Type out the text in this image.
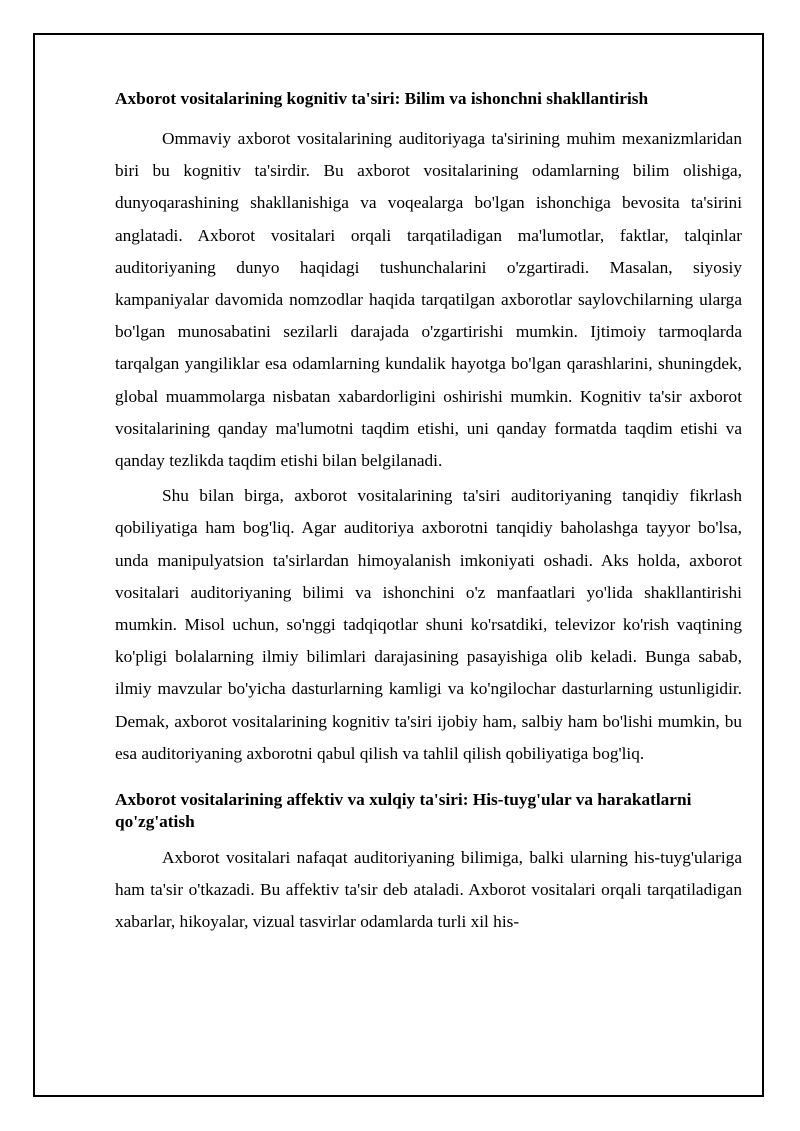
Axborot vositalarining kognitiv ta'siri: Bilim va ishonchni shakllantirish

Ommaviy axborot vositalarining auditoriyaga ta'sirining muhim mexanizmlaridan biri bu kognitiv ta'sirdir. Bu axborot vositalarining odamlarning bilim olishiga, dunyoqarashining shakllanishiga va voqealarga bo'lgan ishonchiga bevosita ta'sirini anglatadi. Axborot vositalari orqali tarqatiladigan ma'lumotlar, faktlar, talqinlar auditoriyaning dunyo haqidagi tushunchalarini o'zgartiradi. Masalan, siyosiy kampaniyalar davomida nomzodlar haqida tarqatilgan axborotlar saylovchilarning ularga bo'lgan munosabatini sezilarli darajada o'zgartirishi mumkin. Ijtimoiy tarmoqlarda tarqalgan yangiliklar esa odamlarning kundalik hayotga bo'lgan qarashlarini, shuningdek, global muammolarga nisbatan xabardorligini oshirishi mumkin. Kognitiv ta'sir axborot vositalarining qanday ma'lumotni taqdim etishi, uni qanday formatda taqdim etishi va qanday tezlikda taqdim etishi bilan belgilanadi.

Shu bilan birga, axborot vositalarining ta'siri auditoriyaning tanqidiy fikrlash qobiliyatiga ham bog'liq. Agar auditoriya axborotni tanqidiy baholashga tayyor bo'lsa, unda manipulyatsion ta'sirlardan himoyalanish imkoniyati oshadi. Aks holda, axborot vositalari auditoriyaning bilimi va ishonchini o'z manfaatlari yo'lida shakllantirishi mumkin. Misol uchun, so'nggi tadqiqotlar shuni ko'rsatdiki, televizor ko'rish vaqtining ko'pligi bolalarning ilmiy bilimlari darajasining pasayishiga olib keladi. Bunga sabab, ilmiy mavzular bo'yicha dasturlarning kamligi va ko'ngilochar dasturlarning ustunligidir. Demak, axborot vositalarining kognitiv ta'siri ijobiy ham, salbiy ham bo'lishi mumkin, bu esa auditoriyaning axborotni qabul qilish va tahlil qilish qobiliyatiga bog'liq.

Axborot vositalarining affektiv va xulqiy ta'siri: His-tuyg'ular va harakatlarni qo'zg'atish

Axborot vositalari nafaqat auditoriyaning bilimiga, balki ularning his-tuyg'ulariga ham ta'sir o'tkazadi. Bu affektiv ta'sir deb ataladi. Axborot vositalari orqali tarqatiladigan xabarlar, hikoyalar, vizual tasvirlar odamlarda turli xil his-
